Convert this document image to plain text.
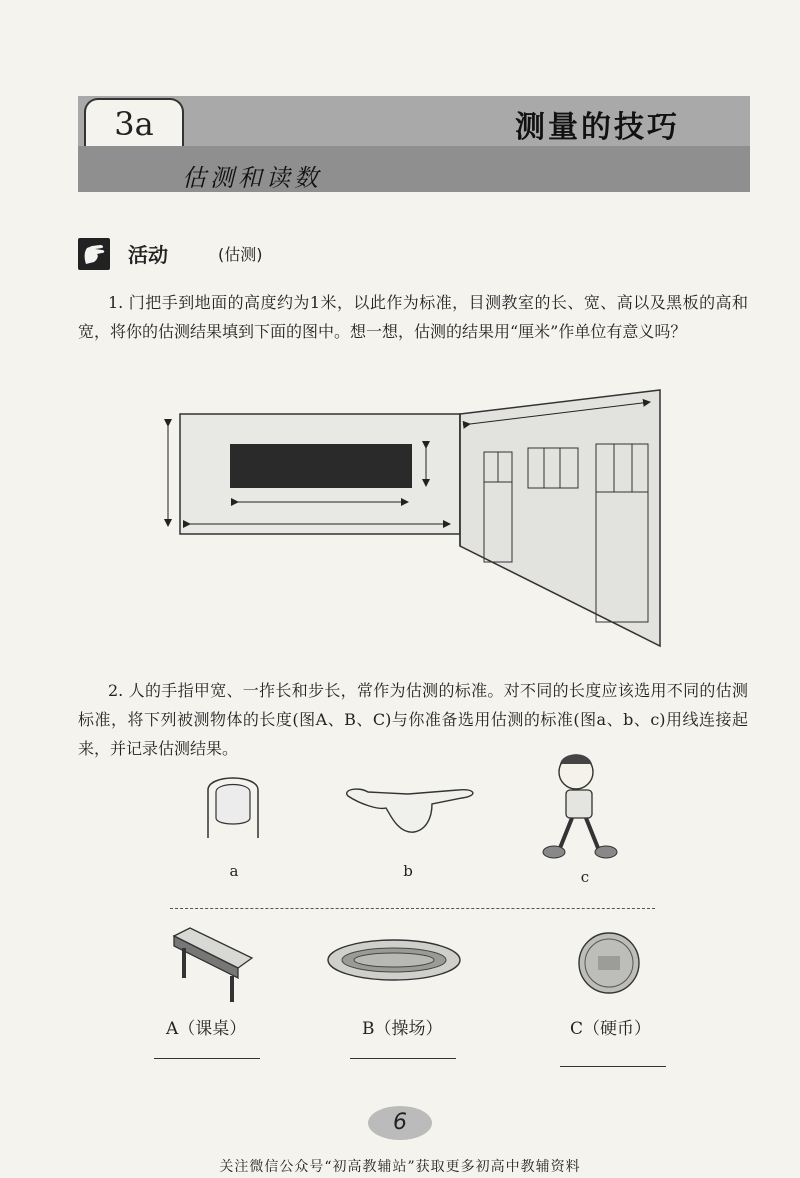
3a	测量的技巧
估测和读数
活动	(估测)

1. 门把手到地面的高度约为1米，以此作为标准，目测教室的长、宽、高以及黑板的高和宽，将你的估测结果填到下面的图中。想一想，估测的结果用“厘米”作单位有意义吗？

2. 人的手指甲宽、一拃长和步长，常作为估测的标准。对不同的长度应该选用不同的估测标准，将下列被测物体的长度(图A、B、C)与你准备选用估测的标准(图a、b、c)用线连接起来，并记录估测结果。

a	b	c
A（课桌）	B（操场）	C（硬币）
6
关注微信公众号“初高教辅站”获取更多初高中教辅资料
